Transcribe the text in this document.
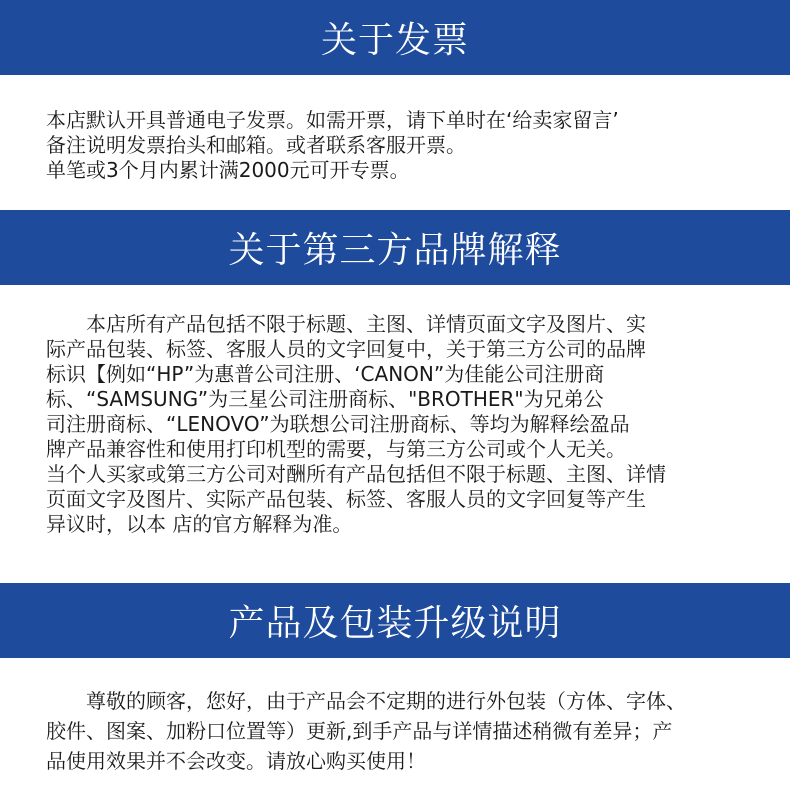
关于发票
本店默认开具普通电子发票。如需开票，请下单时在‘给卖家留言’
备注说明发票抬头和邮箱。或者联系客服开票。
单笔或3个月内累计满2000元可开专票。
关于第三方品牌解释
　　本店所有产品包括不限于标题、主图、详情页面文字及图片、实
际产品包装、标签、客服人员的文字回复中，关于第三方公司的品牌
标识【例如“HP”为惠普公司注册、‘CANON”为佳能公司注册商
标、“SAMSUNG”为三星公司注册商标、"BROTHER"为兄弟公
司注册商标、“LENOVO”为联想公司注册商标、等均为解释绘盈品
牌产品兼容性和使用打印机型的需要，与第三方公司或个人无关。
当个人买家或第三方公司对酬所有产品包括但不限于标题、主图、详情
页面文字及图片、实际产品包装、标签、客服人员的文字回复等产生
异议时，以本 店的官方解释为准。
产品及包装升级说明
　　尊敬的顾客，您好，由于产品会不定期的进行外包装（方体、字体、
胶件、图案、加粉口位置等）更新,到手产品与详情描述稍微有差异；产
品使用效果并不会改变。请放心购买使用！
